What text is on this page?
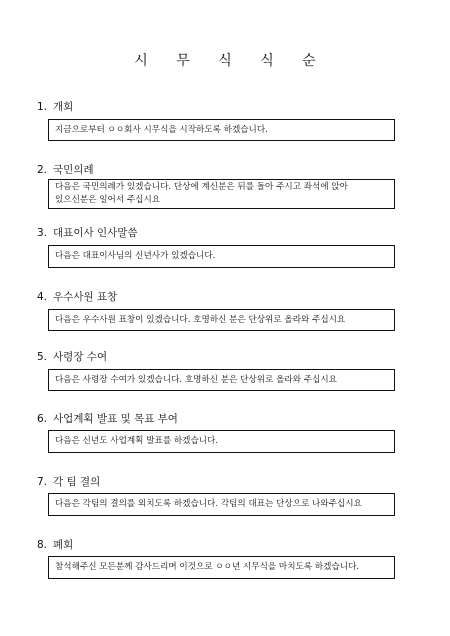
시 무 식 식 순
1. 개회
지금으로부터 ㅇㅇ회사 시무식을 시작하도록 하겠습니다.
2. 국민의례
다음은 국민의례가 있겠습니다. 단상에 계신분은 뒤를 돌아 주시고 좌석에 앉아 있으신분은 일어서 주십시요
3. 대표이사 인사말씀
다음은 대표이사님의 신년사가 있겠습니다.
4. 우수사원 표창
다음은 우수사원 표창이 있겠습니다. 호명하신 분은 단상위로 올라와 주십시요
5. 사령장 수여
다음은 사령장 수여가 있겠습니다. 호명하신 분은 단상위로 올라와 주십시요
6. 사업계획 발표 및 목표 부여
다음은 신년도 사업계획 발표를 하겠습니다.
7. 각 팀 결의
다음은 각팀의 결의를 외치도록 하겠습니다. 각팀의 대표는 단상으로 나와주십시요
8. 폐회
참석해주신 모든분께 감사드리며 이것으로 ㅇㅇ년 시무식을 마치도록 하겠습니다.
